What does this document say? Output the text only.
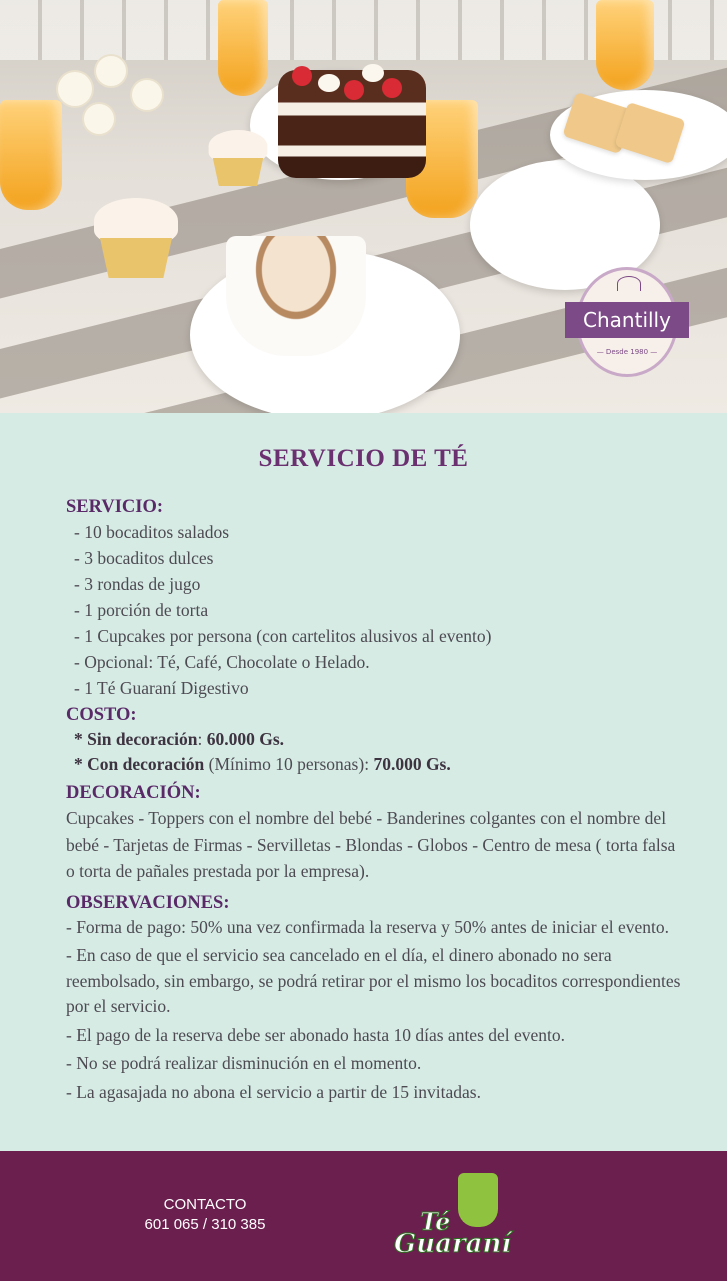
Chantilly
— Desde 1980 —
SERVICIO DE TÉ

SERVICIO:

- 10 bocaditos salados
- 3 bocaditos dulces
- 3 rondas de jugo
- 1 porción de torta
- 1 Cupcakes por persona (con cartelitos alusivos al evento)
- Opcional: Té, Café, Chocolate o Helado.
- 1 Té Guaraní Digestivo

COSTO:

* Sin decoración: 60.000 Gs.
* Con decoración (Mínimo 10 personas): 70.000 Gs.

DECORACIÓN:

Cupcakes - Toppers con el nombre del bebé - Banderines colgantes con el nombre del bebé - Tarjetas de Firmas - Servilletas - Blondas - Globos - Centro de mesa ( torta falsa o torta de pañales prestada por la empresa).

OBSERVACIONES:

- Forma de pago: 50% una vez confirmada la reserva y 50% antes de iniciar el evento.
- En caso de que el servicio sea cancelado en el día, el dinero abonado no sera reembolsado, sin embargo, se podrá retirar por el mismo los bocaditos correspondientes por el servicio.
- El pago de la reserva debe ser abonado hasta 10 días antes del evento.
- No se podrá realizar disminución en el momento.
- La agasajada no abona el servicio a partir de 15 invitadas.
CONTACTO
601 065 / 310 385	Té
Guaraní
